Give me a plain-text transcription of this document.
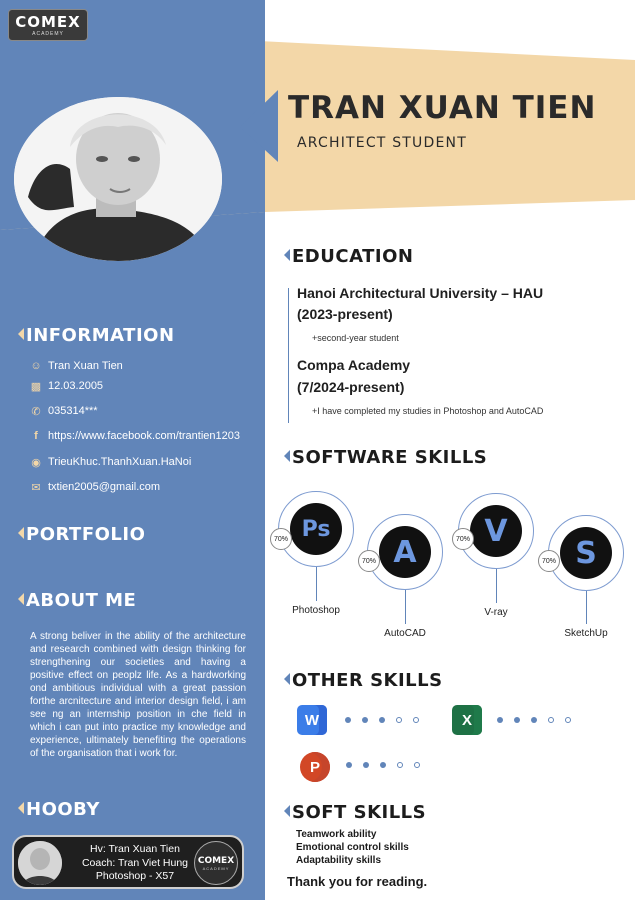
COMEX
ACADEMY
TRAN XUAN TIEN
ARCHITECT STUDENT
INFORMATION
☺ Tran Xuan Tien
▩ 12.03.2005
✆ 035314***
f https://www.facebook.com/trantien1203
◉ TrieuKhuc.ThanhXuan.HaNoi
✉ txtien2005@gmail.com
PORTFOLIO
ABOUT ME
A strong beliver in the ability of the architecture and research combined with design thinking for strengthening our societies and having a positive effect on peoplz life. As a hardworking ond ambitious individual with a great passion forthe arcnitecture and interior design field, i am see ng an internship position in che field in which i can put into practice my knowledge and experience, ultimately benefiting the operations of the organisation that i work for.
HOOBY
Hv: Tran Xuan Tien
Coach: Tran Viet Hung
Photoshop - X57
COMEX
ACADEMY
EDUCATION
Hanoi Architectural University – HAU
(2023-present)
+second-year student
Compa Academy
(7/2024-present)
+I have completed my studies in Photoshop and AutoCAD
SOFTWARE SKILLS
Ps
70%
Photoshop
A
70%
AutoCAD
V
70%
V-ray
S
70%
SketchUp
OTHER SKILLS
W	X
P
SOFT SKILLS
Teamwork ability
Emotional control skills
Adaptability skills
Thank you for reading.
